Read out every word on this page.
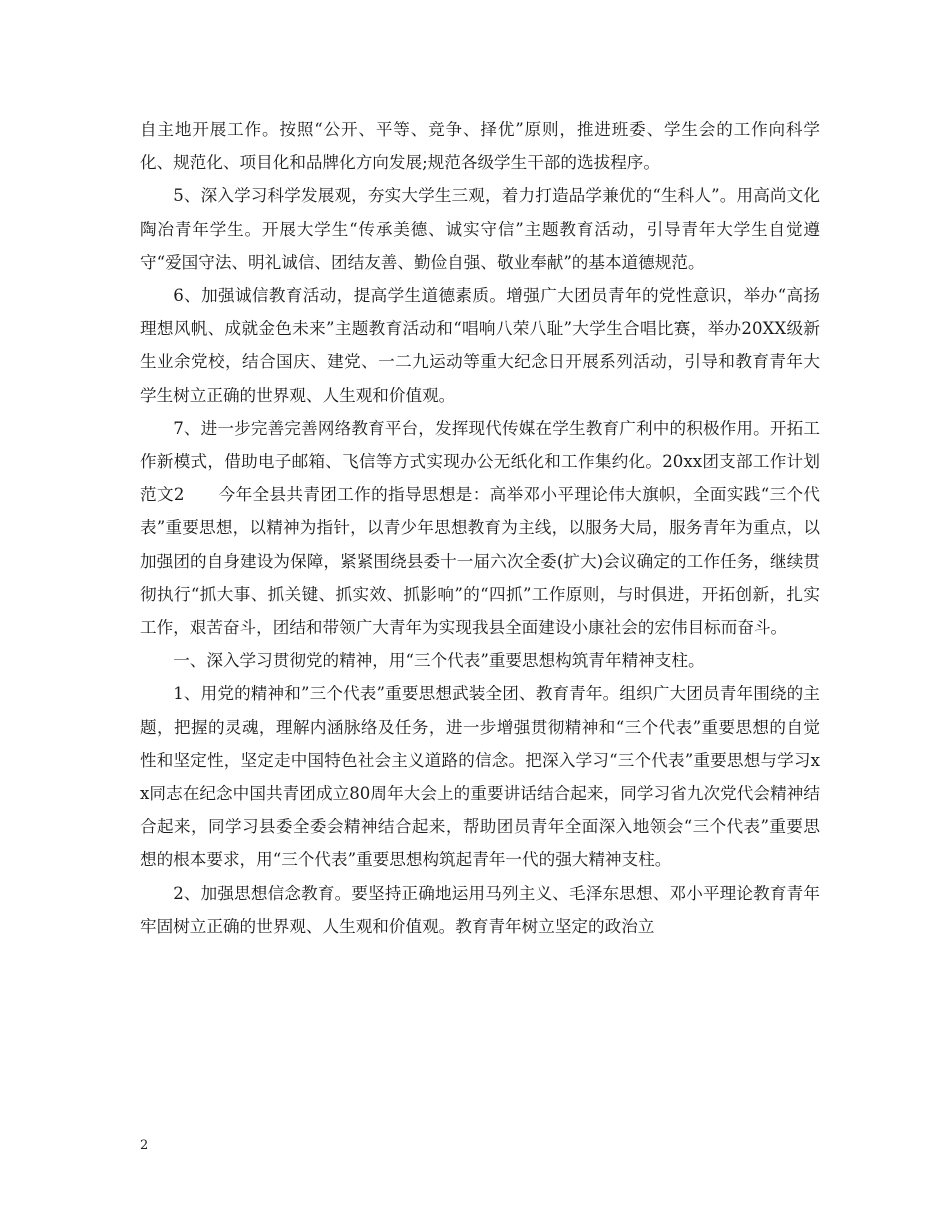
自主地开展工作。按照“公开、平等、竞争、择优”原则，推进班委、学生会的工作向科学化、规范化、项目化和品牌化方向发展;规范各级学生干部的选拔程序。

5、深入学习科学发展观，夯实大学生三观，着力打造品学兼优的“生科人”。用高尚文化陶冶青年学生。开展大学生“传承美德、诚实守信”主题教育活动，引导青年大学生自觉遵守“爱国守法、明礼诚信、团结友善、勤俭自强、敬业奉献”的基本道德规范。

6、加强诚信教育活动，提高学生道德素质。增强广大团员青年的党性意识，举办“高扬理想风帆、成就金色未来”主题教育活动和“唱响八荣八耻”大学生合唱比赛，举办20XX级新生业余党校，结合国庆、建党、一二九运动等重大纪念日开展系列活动，引导和教育青年大学生树立正确的世界观、人生观和价值观。

7、进一步完善完善网络教育平台，发挥现代传媒在学生教育广利中的积极作用。开拓工作新模式，借助电子邮箱、飞信等方式实现办公无纸化和工作集约化。20xx团支部工作计划范文2　　今年全县共青团工作的指导思想是：高举邓小平理论伟大旗帜，全面实践“三个代表”重要思想，以精神为指针，以青少年思想教育为主线，以服务大局，服务青年为重点，以加强团的自身建设为保障，紧紧围绕县委十一届六次全委(扩大)会议确定的工作任务，继续贯彻执行“抓大事、抓关键、抓实效、抓影响”的“四抓”工作原则，与时俱进，开拓创新，扎实工作，艰苦奋斗，团结和带领广大青年为实现我县全面建设小康社会的宏伟目标而奋斗。

一、深入学习贯彻党的精神，用“三个代表”重要思想构筑青年精神支柱。

1、用党的精神和”三个代表”重要思想武装全团、教育青年。组织广大团员青年围绕的主题，把握的灵魂，理解内涵脉络及任务，进一步增强贯彻精神和“三个代表”重要思想的自觉性和坚定性，坚定走中国特色社会主义道路的信念。把深入学习“三个代表”重要思想与学习xx同志在纪念中国共青团成立80周年大会上的重要讲话结合起来，同学习省九次党代会精神结合起来，同学习县委全委会精神结合起来，帮助团员青年全面深入地领会“三个代表”重要思想的根本要求，用“三个代表”重要思想构筑起青年一代的强大精神支柱。

2、加强思想信念教育。要坚持正确地运用马列主义、毛泽东思想、邓小平理论教育青年牢固树立正确的世界观、人生观和价值观。教育青年树立坚定的政治立

2
